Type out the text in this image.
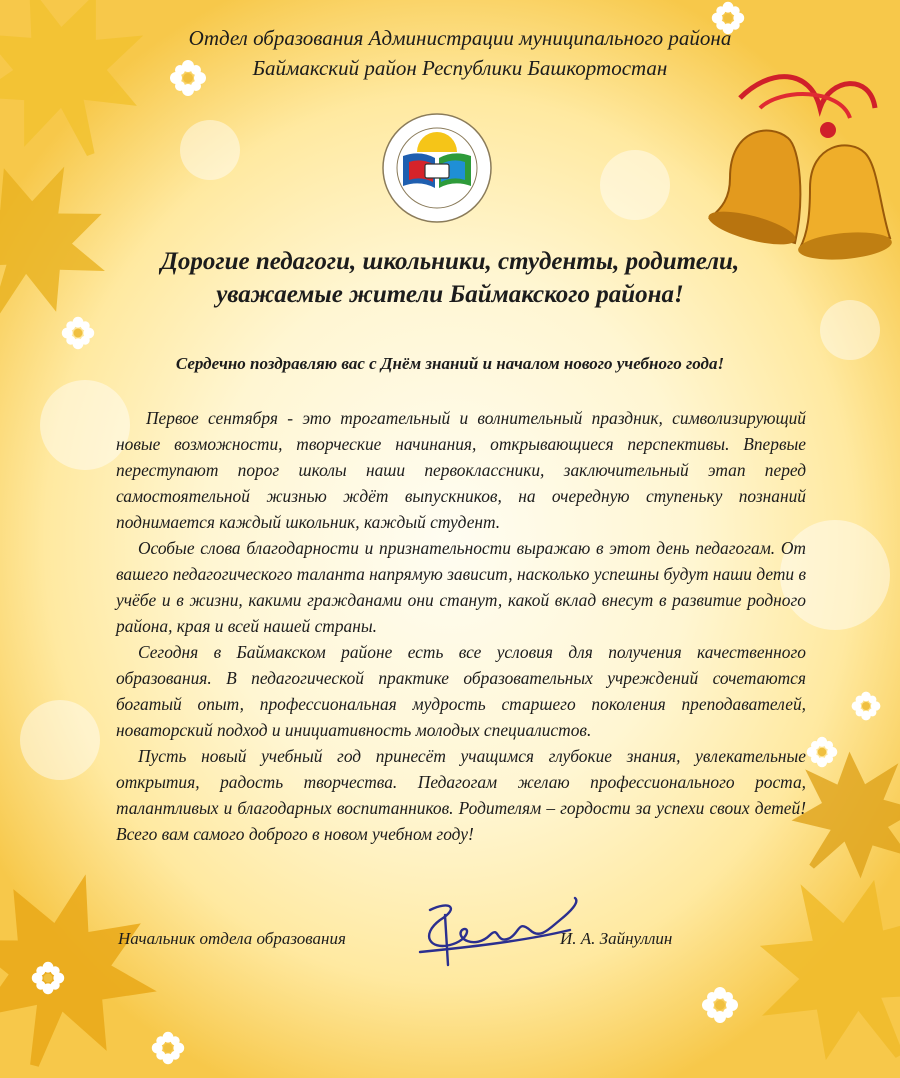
Отдел образования Администрации муниципального района
Баймакский район Республики Башкортостан
Дорогие педагоги, школьники, студенты, родители,
уважаемые жители Баймакского района!
Сердечно поздравляю вас с Днём знаний и началом нового учебного года!

Первое сентября - это трогательный и волнительный праздник, символизирующий новые возможности, творческие начинания, открывающиеся перспективы. Впервые переступают порог школы наши первоклассники, заключительный этап перед самостоятельной жизнью ждёт выпускников, на очередную ступеньку познаний поднимается каждый школьник, каждый студент.

Особые слова благодарности и признательности выражаю в этот день педагогам. От вашего педагогического таланта напрямую зависит, насколько успешны будут наши дети в учёбе и в жизни, какими гражданами они станут, какой вклад внесут в развитие родного района, края и всей нашей страны.

Сегодня в Баймакском районе есть все условия для получения качественного образования. В педагогической практике образовательных учреждений сочетаются богатый опыт, профессиональная мудрость старшего поколения преподавателей, новаторский подход и инициативность молодых специалистов.

Пусть новый учебный год принесёт учащимся глубокие знания, увлекательные открытия, радость творчества. Педагогам желаю профессионального роста, талантливых и благодарных воспитанников. Родителям – гордости за успехи своих детей! Всего вам самого доброго в новом учебном году!

Начальник отдела образования	И. А. Зайнуллин
